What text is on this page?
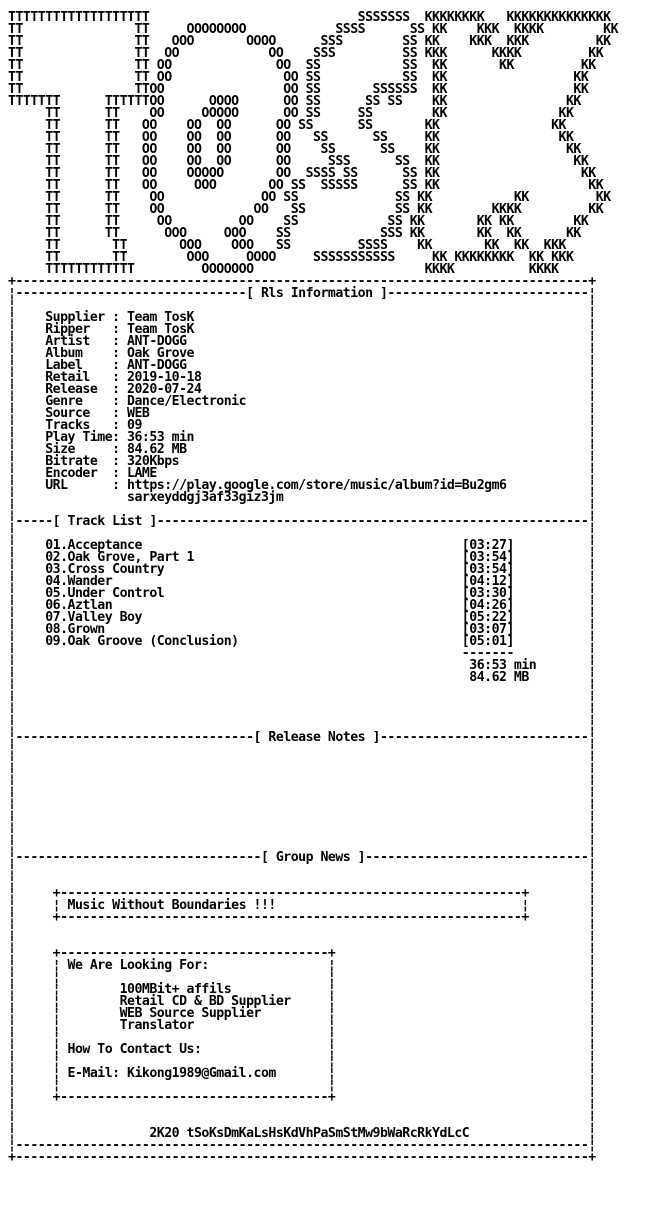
TTTTTTTTTTTTTTTTTTT                            SSSSSSS  KKKKKKKK   KKKKKKKKKKKKKK
TT               TT     OOOOOOOO            SSSS      SS KK    KKK  KKKK        KK
TT               TT   OOO       OOOO      SSS        SS KK    KKK  KKK         KK
TT               TT  OO            OO    SSS         SS KKK      KKKK         KK
TT               TT OO              OO  SS           SS  KK       KK         KK
TT               TT OO               OO SS           SS  KK                 KK
TT               TTOO                OO SS       SSSSSS  KK                 KK
TTTTTTT      TTTTTTOO      OOOO      OO SS      SS SS    KK                KK
TT      TT    OO     OOOOO      OO SS     SS        KK               KK
TT      TT   OO    OO  OO      OO SS      SS       KK               KK
TT      TT   OO    OO  OO      OO   SS      SS     KK                KK
TT      TT   OO    OO  OO      OO    SS      SS    KK                 KK
TT      TT   OO    OO  OO      OO     SSS      SS  KK                  KK
TT      TT   OO    OOOOO       OO  SSSS SS      SS KK                   KK
TT      TT   OO     OOO       OO SS  SSSSS      SS KK                    KK
TT      TT    OO             OO SS             SS KK           KK         KK
TT      TT    OO            OO   SS            SS KK        KKKK         KK
TT      TT     OO         OO    SS            SS KK       KK KK        KK
TT      TT      OOO     OOO    SS            SSS KK       KK  KK      KK
TT       TT       OOO    OOO   SS         SSSS    KK       KK  KK  KKK
TT       TT        OOO     OOOO     SSSSSSSSSSS     KK KKKKKKKK  KK KKK
TTTTTTTTTTTT         OOOOOOO                       KKKK          KKKK
+-----------------------------------------------------------------------------+
¦-------------------------------[ Rls Information ]---------------------------¦
¦                                                                             ¦
¦    Supplier : Team TosK                                                     ¦
¦    Ripper   : Team TosK                                                     ¦
¦    Artist   : ANT-DOGG                                                      ¦
¦    Album    : Oak Grove                                                     ¦
¦    Label    : ANT-DOGG                                                      ¦
¦    Retail   : 2019-10-18                                                    ¦
¦    Release  : 2020-07-24                                                    ¦
¦    Genre    : Dance/Electronic                                              ¦
¦    Source   : WEB                                                           ¦
¦    Tracks   : 09                                                            ¦
¦    Play Time: 36:53 min                                                     ¦
¦    Size     : 84.62 MB                                                      ¦
¦    Bitrate  : 320Kbps                                                       ¦
¦    Encoder  : LAME                                                          ¦
¦    URL      : https://play.google.com/store/music/album?id=Bu2gm6           ¦
¦               sarxeyddgj3af33giz3jm                                         ¦
¦                                                                             ¦
¦-----[ Track List ]----------------------------------------------------------¦
¦                                                                             ¦
¦    01.Acceptance                                           [03:27]          ¦
¦    02.Oak Grove, Part 1                                    [03:54]          ¦
¦    03.Cross Country                                        [03:54]          ¦
¦    04.Wander                                               [04:12]          ¦
¦    05.Under Control                                        [03:30]          ¦
¦    06.Aztlan                                               [04:26]          ¦
¦    07.Valley Boy                                           [05:22]          ¦
¦    08.Grown                                                [03:07]          ¦
¦    09.Oak Groove (Conclusion)                              [05:01]          ¦
¦                                                            -------          ¦
¦                                                             36:53 min       ¦
¦                                                             84.62 MB        ¦
¦                                                                             ¦
¦                                                                             ¦
¦                                                                             ¦
¦                                                                             ¦
¦--------------------------------[ Release Notes ]----------------------------¦
¦                                                                             ¦
¦                                                                             ¦
¦                                                                             ¦
¦                                                                             ¦
¦                                                                             ¦
¦                                                                             ¦
¦                                                                             ¦
¦                                                                             ¦
¦                                                                             ¦
¦---------------------------------[ Group News ]------------------------------¦
¦                                                                             ¦
¦                                                                             ¦
¦     +--------------------------------------------------------------+        ¦
¦     ¦ Music Without Boundaries !!!                                 ¦        ¦
¦     +--------------------------------------------------------------+        ¦
¦                                                                             ¦
¦                                                                             ¦
¦     +------------------------------------+                                  ¦
¦     ¦ We Are Looking For:                ¦                                  ¦
¦     ¦                                    ¦                                  ¦
¦     ¦        100MBit+ affils             ¦                                  ¦
¦     ¦        Retail CD & BD Supplier     ¦                                  ¦
¦     ¦        WEB Source Supplier         ¦                                  ¦
¦     ¦        Translator                  ¦                                  ¦
¦     ¦                                    ¦                                  ¦
¦     ¦ How To Contact Us:                 ¦                                  ¦
¦     ¦                                    ¦                                  ¦
¦     ¦ E-Mail: Kikong1989@Gmail.com       ¦                                  ¦
¦     ¦                                    ¦                                  ¦
¦     +------------------------------------+                                  ¦
¦                                                                             ¦
¦                                                                             ¦
¦                  2K20 tSoKsDmKaLsHsKdVhPaSmStMw9bWaRcRkYdLcC                ¦
¦-----------------------------------------------------------------------------¦
+-----------------------------------------------------------------------------+
